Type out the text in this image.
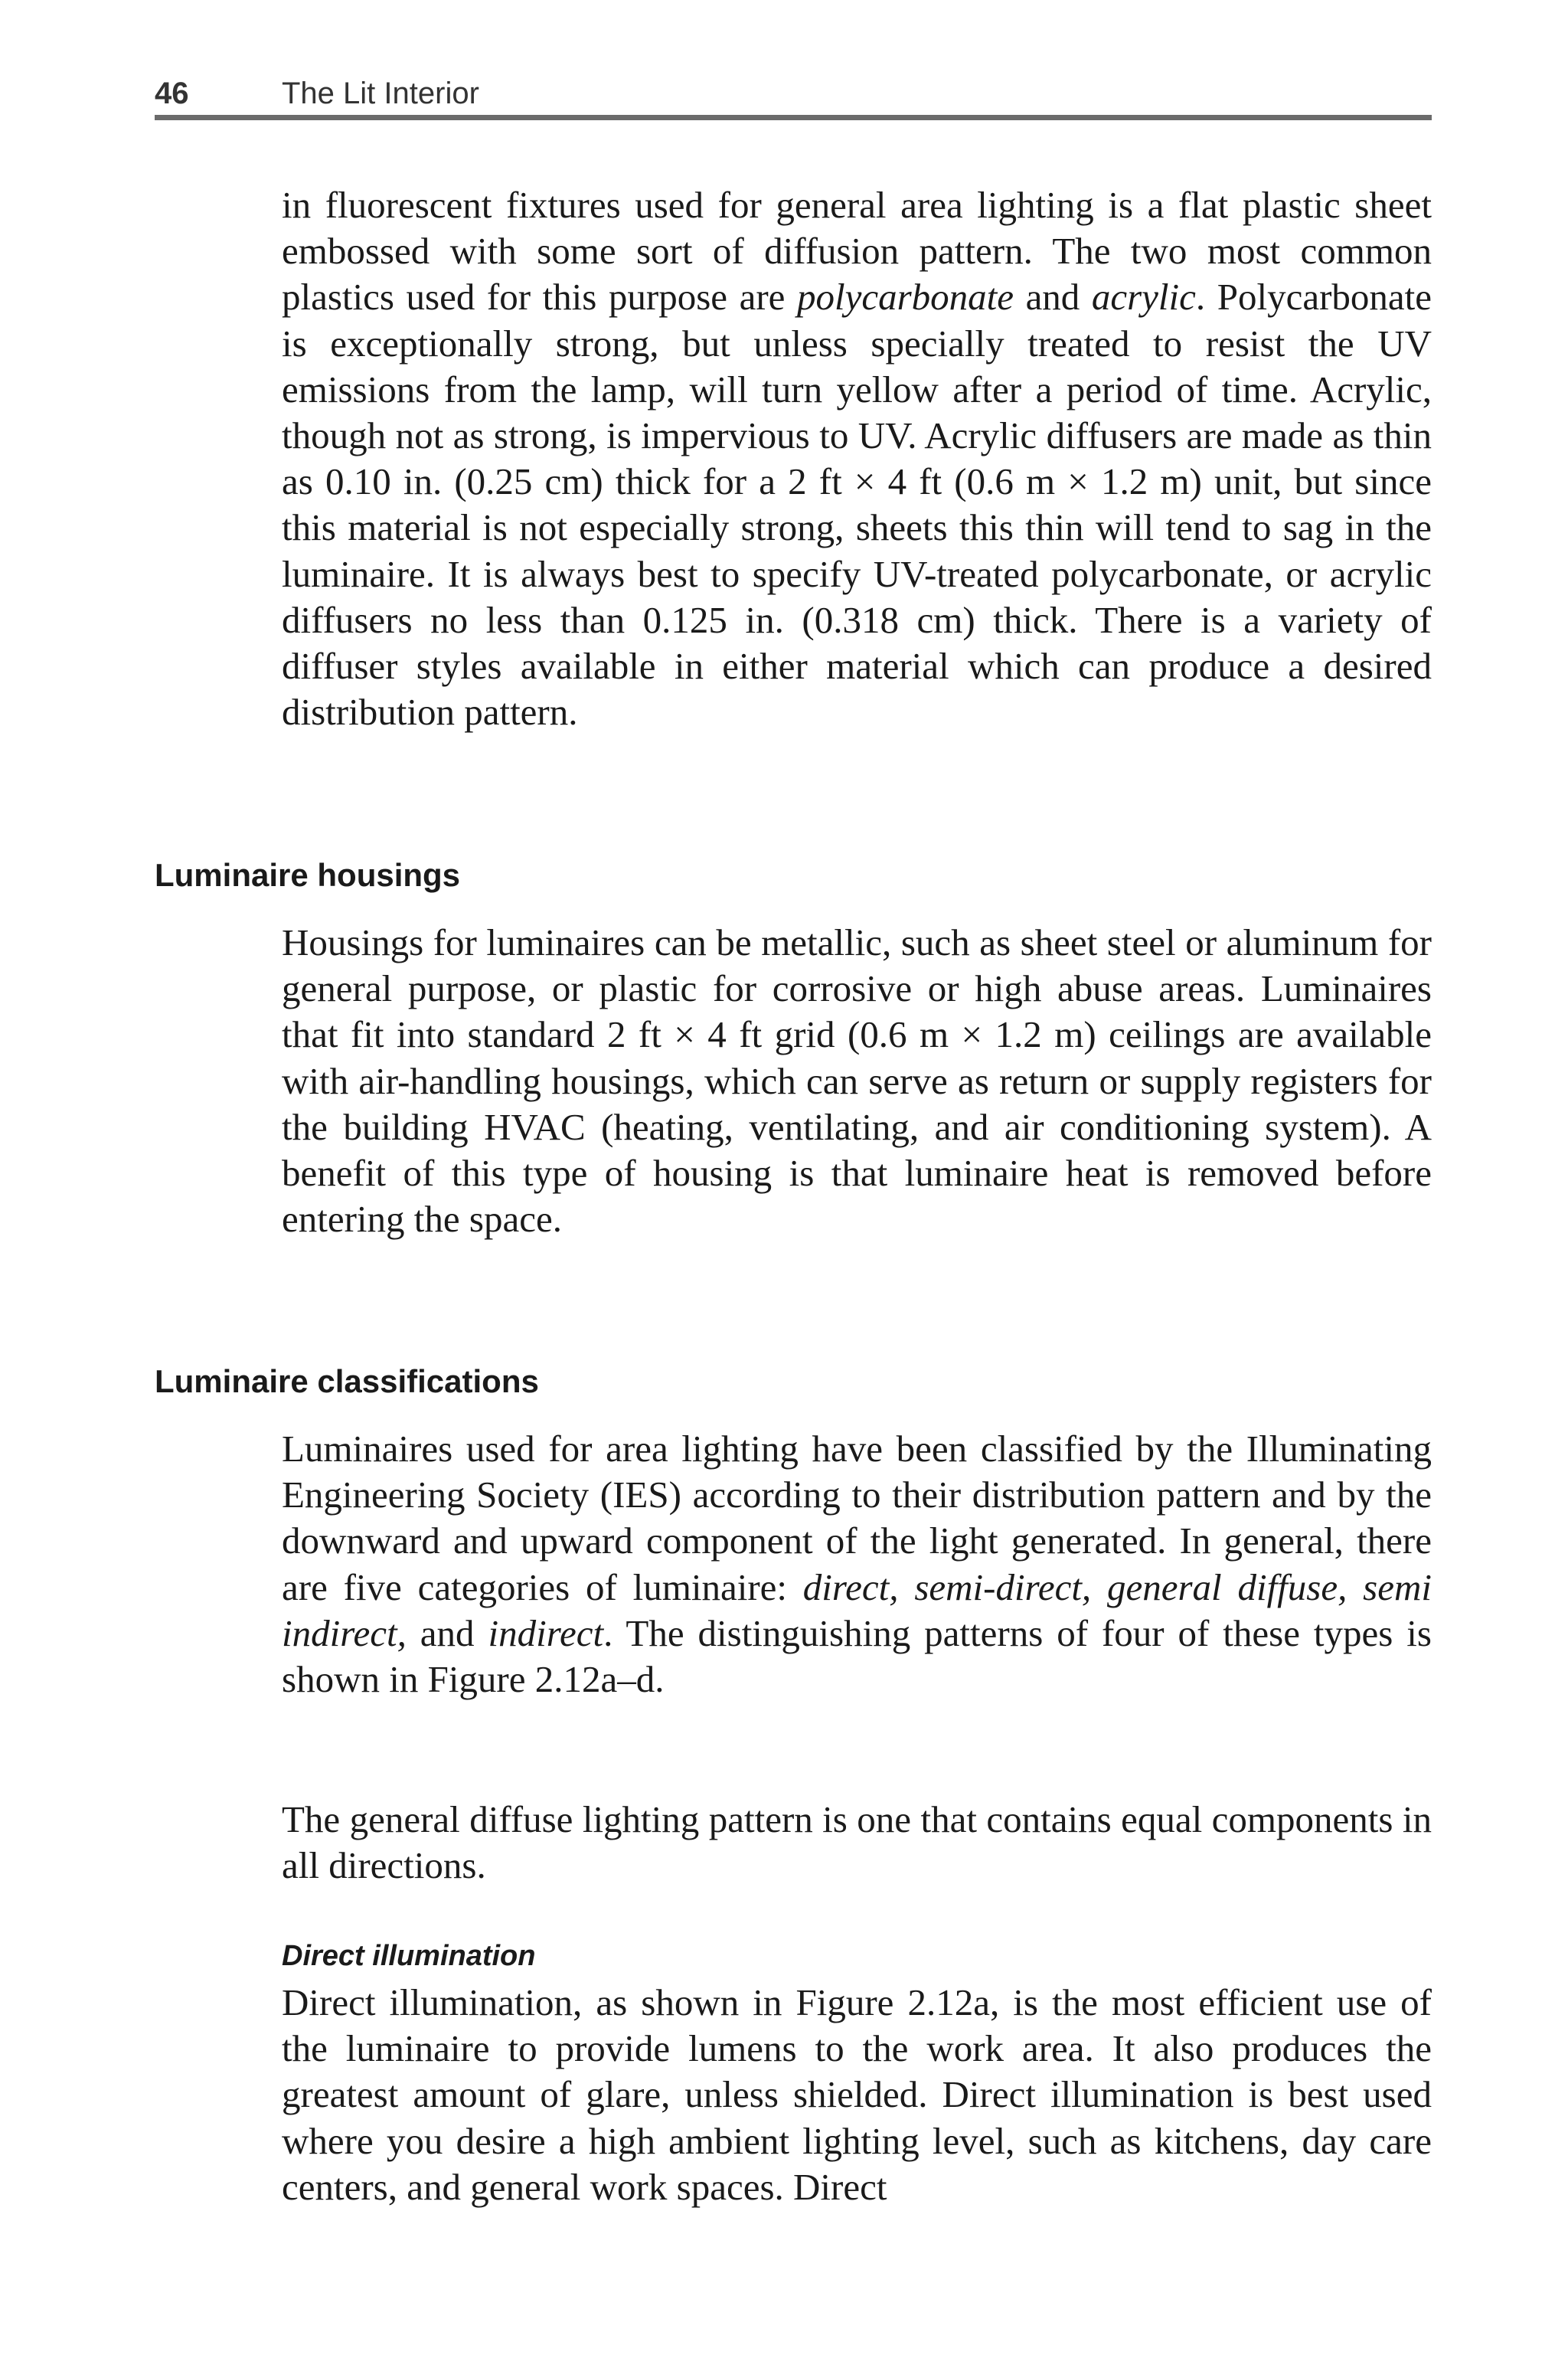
46	The Lit Interior

in fluorescent fixtures used for general area lighting is a flat plastic sheet embossed with some sort of diffusion pattern. The two most common plastics used for this purpose are polycarbonate and acrylic. Polycarbonate is exceptionally strong, but unless specially treated to resist the UV emissions from the lamp, will turn yellow after a period of time. Acrylic, though not as strong, is impervious to UV. Acrylic diffusers are made as thin as 0.10 in. (0.25 cm) thick for a 2 ft × 4 ft (0.6 m × 1.2 m) unit, but since this material is not especially strong, sheets this thin will tend to sag in the luminaire. It is always best to specify UV-treated polycarbonate, or acrylic diffusers no less than 0.125 in. (0.318 cm) thick. There is a variety of diffuser styles available in either material which can produce a desired distribution pattern.

Luminaire housings

Housings for luminaires can be metallic, such as sheet steel or aluminum for general purpose, or plastic for corrosive or high abuse areas. Luminaires that fit into standard 2 ft × 4 ft grid (0.6 m × 1.2 m) ceilings are available with air-handling housings, which can serve as return or supply registers for the building HVAC (heating, ventilating, and air conditioning system). A benefit of this type of housing is that luminaire heat is removed before entering the space.

Luminaire classifications

Luminaires used for area lighting have been classified by the Illuminating Engineering Society (IES) according to their distribution pattern and by the downward and upward component of the light generated. In general, there are five categories of luminaire: direct, semi-direct, general diffuse, semi indirect, and indirect. The distinguishing patterns of four of these types is shown in Figure 2.12a–d.

The general diffuse lighting pattern is one that contains equal components in all directions.

Direct illumination

Direct illumination, as shown in Figure 2.12a, is the most efficient use of the luminaire to provide lumens to the work area. It also produces the greatest amount of glare, unless shielded. Direct illumination is best used where you desire a high ambient lighting level, such as kitchens, day care centers, and general work spaces. Direct
